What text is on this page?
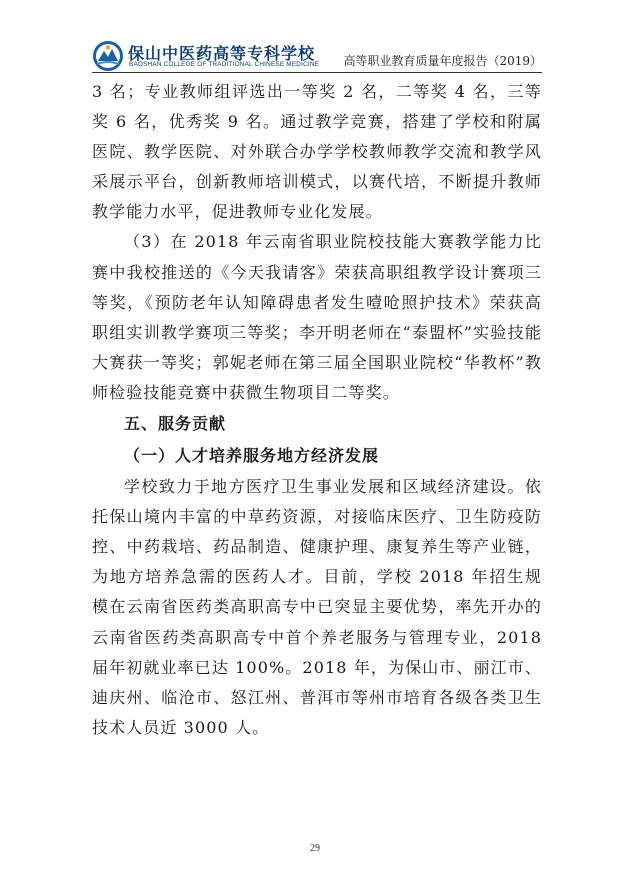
保山中医药高等专科学校
BAOSHAN COLLEGE OF TRADITIONAL CHINESE MEDICINE 高等职业教育质量年度报告（2019）

3 名；专业教师组评选出一等奖 2 名，二等奖 4 名，三等奖 6 名，优秀奖 9 名。通过教学竞赛，搭建了学校和附属医院、教学医院、对外联合办学学校教师教学交流和教学风采展示平台，创新教师培训模式，以赛代培，不断提升教师教学能力水平，促进教师专业化发展。

（3）在 2018 年云南省职业院校技能大赛教学能力比赛中我校推送的《今天我请客》荣获高职组教学设计赛项三等奖，《预防老年认知障碍患者发生噎呛照护技术》荣获高职组实训教学赛项三等奖；李开明老师在“泰盟杯”实验技能大赛获一等奖；郭妮老师在第三届全国职业院校“华教杯”教师检验技能竞赛中获微生物项目二等奖。

五、服务贡献

（一）人才培养服务地方经济发展

学校致力于地方医疗卫生事业发展和区域经济建设。依托保山境内丰富的中草药资源，对接临床医疗、卫生防疫防控、中药栽培、药品制造、健康护理、康复养生等产业链，为地方培养急需的医药人才。目前，学校 2018 年招生规模在云南省医药类高职高专中已突显主要优势，率先开办的云南省医药类高职高专中首个养老服务与管理专业，2018 届年初就业率已达 100%。2018 年，为保山市、丽江市、迪庆州、临沧市、怒江州、普洱市等州市培育各级各类卫生技术人员近 3000 人。

29
